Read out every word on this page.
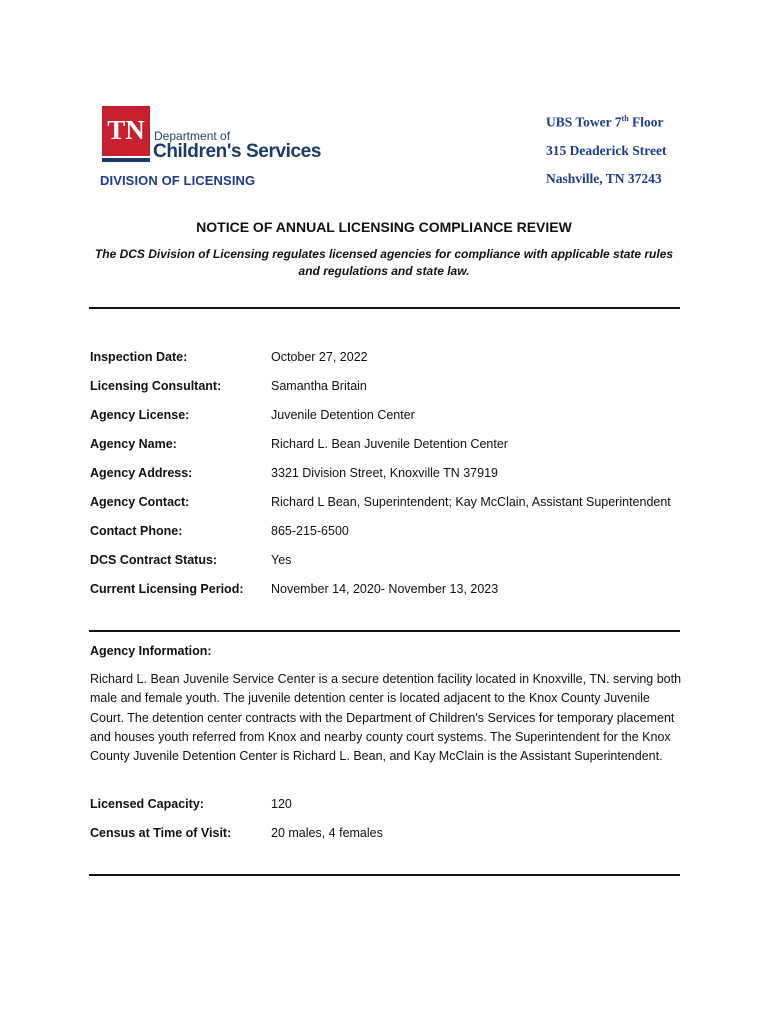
TN Department of
Children's Services
DIVISION OF LICENSING
UBS Tower 7th Floor
315 Deaderick Street
Nashville, TN 37243
NOTICE OF ANNUAL LICENSING COMPLIANCE REVIEW
The DCS Division of Licensing regulates licensed agencies for compliance with applicable state rules and regulations and state law.
Inspection Date:	October 27, 2022
Licensing Consultant:	Samantha Britain
Agency License:	Juvenile Detention Center
Agency Name:	Richard L. Bean Juvenile Detention Center
Agency Address:	3321 Division Street, Knoxville TN 37919
Agency Contact:	Richard L Bean, Superintendent; Kay McClain, Assistant Superintendent
Contact Phone:	865-215-6500
DCS Contract Status:	Yes
Current Licensing Period: November 14, 2020- November 13, 2023
Agency Information:
Richard L. Bean Juvenile Service Center is a secure detention facility located in Knoxville, TN. serving both male and female youth. The juvenile detention center is located adjacent to the Knox County Juvenile Court. The detention center contracts with the Department of Children's Services for temporary placement and houses youth referred from Knox and nearby county court systems. The Superintendent for the Knox County Juvenile Detention Center is Richard L. Bean, and Kay McClain is the Assistant Superintendent.
Licensed Capacity:	120
Census at Time of Visit:	20 males, 4 females
